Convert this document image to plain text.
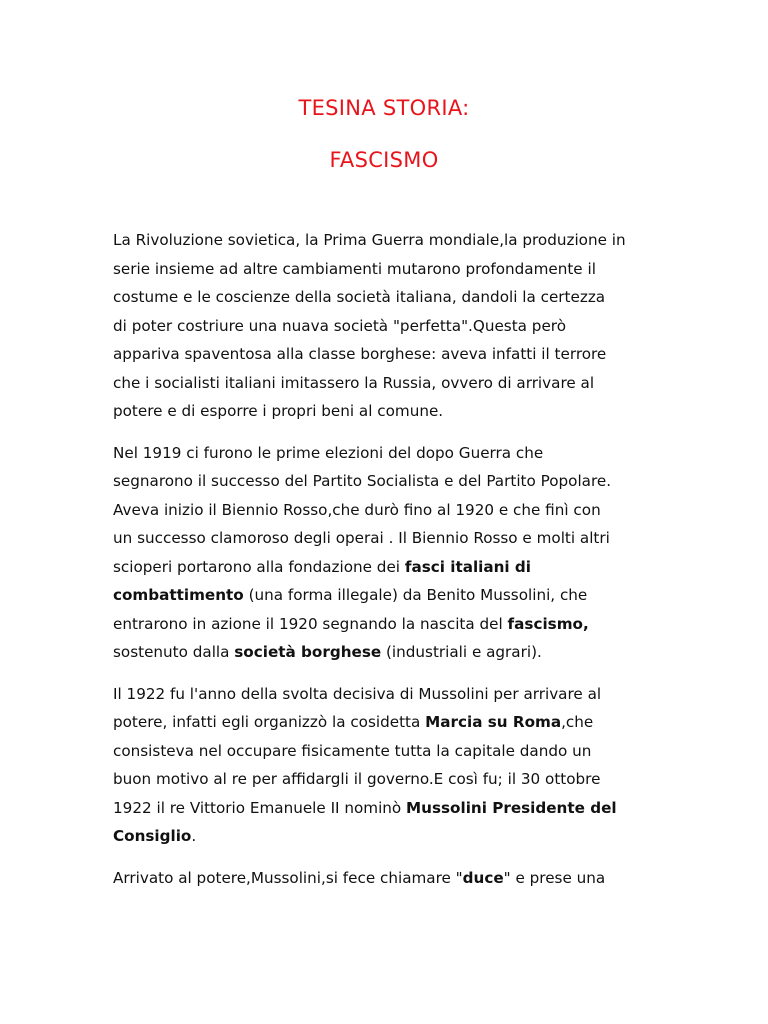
TESINA STORIA:
FASCISMO

La Rivoluzione sovietica, la Prima Guerra mondiale,la produzione in
serie insieme ad altre cambiamenti mutarono profondamente il
costume e le coscienze della società italiana, dandoli la certezza
di poter costriure una nuava società "perfetta".Questa però
appariva spaventosa alla classe borghese: aveva infatti il terrore
che i socialisti italiani imitassero la Russia, ovvero di arrivare al
potere e di esporre i propri beni al comune.

Nel 1919 ci furono le prime elezioni del dopo Guerra che
segnarono il successo del Partito Socialista e del Partito Popolare.
Aveva inizio il Biennio Rosso,che durò fino al 1920 e che finì con
un successo clamoroso degli operai . Il Biennio Rosso e molti altri
scioperi portarono alla fondazione dei fasci italiani di
combattimento (una forma illegale) da Benito Mussolini, che
entrarono in azione il 1920 segnando la nascita del fascismo,
sostenuto dalla società borghese (industriali e agrari).

Il 1922 fu l'anno della svolta decisiva di Mussolini per arrivare al
potere, infatti egli organizzò la cosidetta Marcia su Roma,che
consisteva nel occupare fisicamente tutta la capitale dando un
buon motivo al re per affidargli il governo.E così fu; il 30 ottobre
1922 il re Vittorio Emanuele II nominò Mussolini Presidente del
Consiglio.

Arrivato al potere,Mussolini,si fece chiamare "duce" e prese una
